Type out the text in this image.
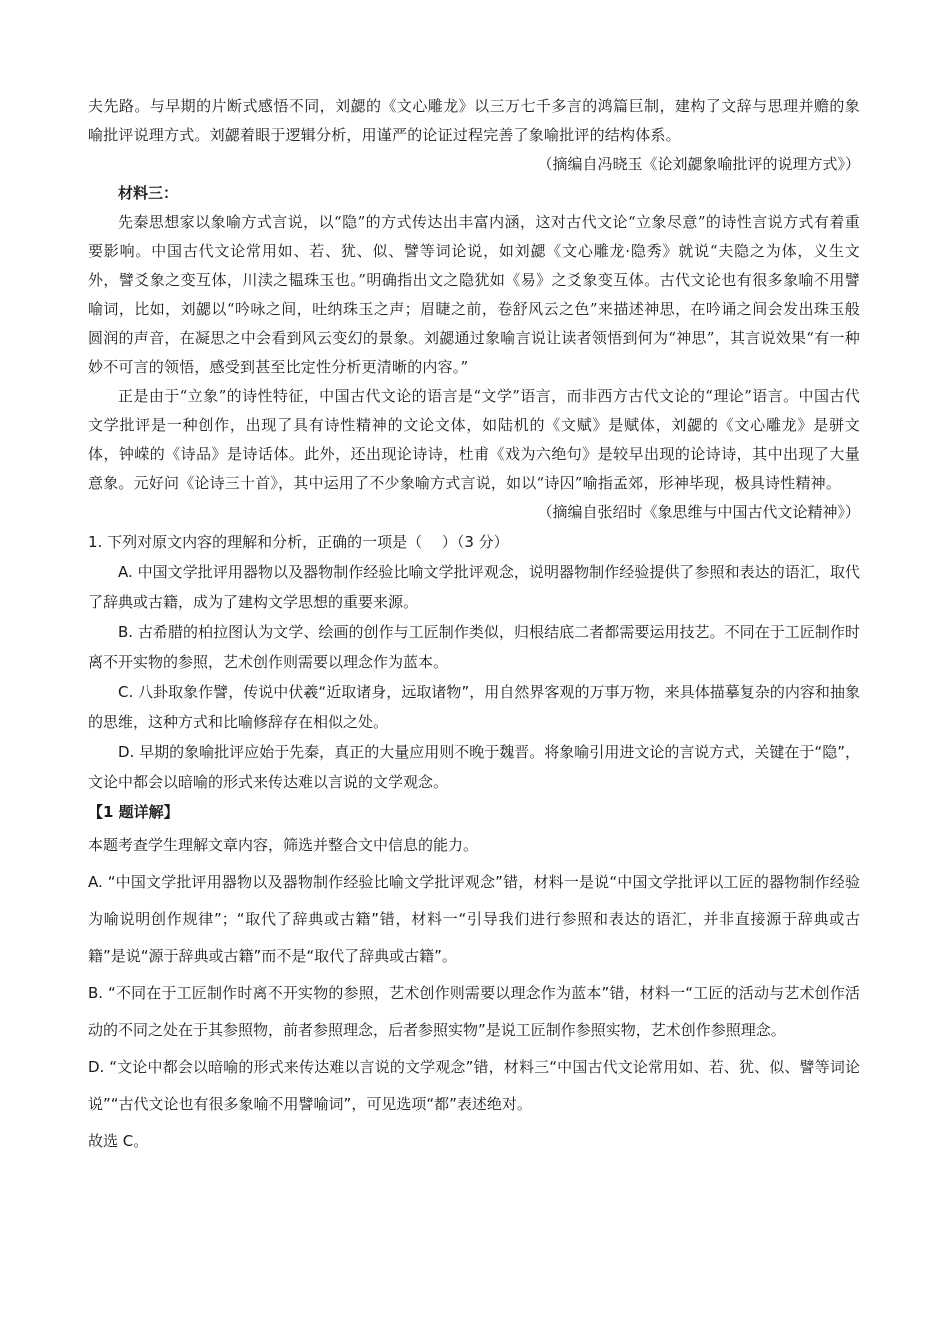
夫先路。与早期的片断式感悟不同，刘勰的《文心雕龙》以三万七千多言的鸿篇巨制，建构了文辞与思理并赡的象喻批评说理方式。刘勰着眼于逻辑分析，用谨严的论证过程完善了象喻批评的结构体系。

（摘编自冯晓玉《论刘勰象喻批评的说理方式》）

材料三：

先秦思想家以象喻方式言说，以“隐”的方式传达出丰富内涵，这对古代文论“立象尽意”的诗性言说方式有着重要影响。中国古代文论常用如、若、犹、似、譬等词论说，如刘勰《文心雕龙·隐秀》就说“夫隐之为体，义生文外，譬爻象之变互体，川渎之韫珠玉也。”明确指出文之隐犹如《易》之爻象变互体。古代文论也有很多象喻不用譬喻词，比如，刘勰以“吟咏之间，吐纳珠玉之声；眉睫之前，卷舒风云之色”来描述神思，在吟诵之间会发出珠玉般圆润的声音，在凝思之中会看到风云变幻的景象。刘勰通过象喻言说让读者领悟到何为“神思”，其言说效果“有一种妙不可言的领悟，感受到甚至比定性分析更清晰的内容。”

正是由于“立象”的诗性特征，中国古代文论的语言是“文学”语言，而非西方古代文论的“理论”语言。中国古代文学批评是一种创作，出现了具有诗性精神的文论文体，如陆机的《文赋》是赋体，刘勰的《文心雕龙》是骈文体，钟嵘的《诗品》是诗话体。此外，还出现论诗诗，杜甫《戏为六绝句》是较早出现的论诗诗，其中出现了大量意象。元好问《论诗三十首》，其中运用了不少象喻方式言说，如以“诗囚”喻指孟郊，形神毕现，极具诗性精神。

（摘编自张绍时《象思维与中国古代文论精神》）

1. 下列对原文内容的理解和分析，正确的一项是（　 ）（3 分）

A. 中国文学批评用器物以及器物制作经验比喻文学批评观念，说明器物制作经验提供了参照和表达的语汇，取代了辞典或古籍，成为了建构文学思想的重要来源。

B. 古希腊的柏拉图认为文学、绘画的创作与工匠制作类似，归根结底二者都需要运用技艺。不同在于工匠制作时离不开实物的参照，艺术创作则需要以理念作为蓝本。

C. 八卦取象作譬，传说中伏羲“近取诸身，远取诸物”，用自然界客观的万事万物，来具体描摹复杂的内容和抽象的思维，这种方式和比喻修辞存在相似之处。

D. 早期的象喻批评应始于先秦，真正的大量应用则不晚于魏晋。将象喻引用进文论的言说方式，关键在于“隐”，文论中都会以暗喻的形式来传达难以言说的文学观念。

【1 题详解】

本题考查学生理解文章内容，筛选并整合文中信息的能力。

A. “中国文学批评用器物以及器物制作经验比喻文学批评观念”错，材料一是说“中国文学批评以工匠的器物制作经验为喻说明创作规律”；“取代了辞典或古籍”错，材料一“引导我们进行参照和表达的语汇，并非直接源于辞典或古籍”是说“源于辞典或古籍”而不是“取代了辞典或古籍”。

B. “不同在于工匠制作时离不开实物的参照，艺术创作则需要以理念作为蓝本”错，材料一“工匠的活动与艺术创作活动的不同之处在于其参照物，前者参照理念，后者参照实物”是说工匠制作参照实物，艺术创作参照理念。

D. “文论中都会以暗喻的形式来传达难以言说的文学观念”错，材料三“中国古代文论常用如、若、犹、似、譬等词论说”“古代文论也有很多象喻不用譬喻词”，可见选项“都”表述绝对。

故选 C。
